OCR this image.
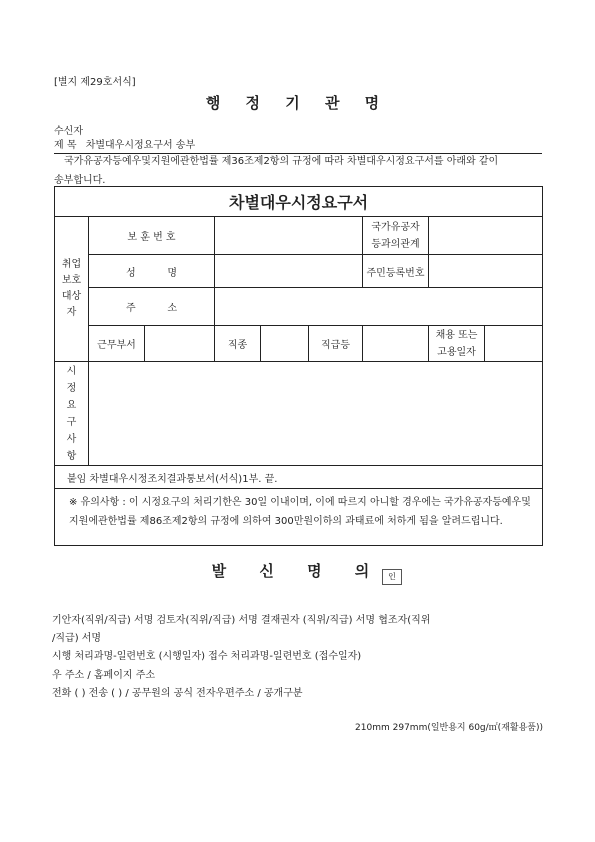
[별지 제29호서식]
행 정 기 관 명
수신자
제 목 차별대우시정요구서 송부
국가유공자등예우및지원에관한법률 제36조제2항의 규정에 따라 차별대우시정요구서를 아래와 같이 송부합니다.
차별대우시정요구서								

취업보호대상자	보 훈 번 호					국가유공자
등과의관계		
	성          명					주민등록번호		
	주          소							
	근무부서		직종		직급등		채용 또는
고용일자	

시정요구사항								

붙임 차별대우시정조치결과통보서(서식)1부. 끝.								
※ 유의사항 : 이 시정요구의 처리기한은 30일 이내이며, 이에 따르지 아니할 경우에는 국가유공자등예우및지원에관한법률 제86조제2항의 규정에 의하여 300만원이하의 과태료에 처하게 됨을 알려드립니다.								
발 신 명 의 인
기안자(직위/직급) 서명 검토자(직위/직급) 서명 결재권자 (직위/직급) 서명 협조자(직위
/직급) 서명
시행 처리과명-일련번호 (시행일자) 접수 처리과명-일련번호 (접수일자)
우 주소 / 홈페이지 주소
전화 ( ) 전송 ( ) / 공무원의 공식 전자우편주소 / 공개구분
210mm 297mm(일반용지 60g/㎡(재활용품))
